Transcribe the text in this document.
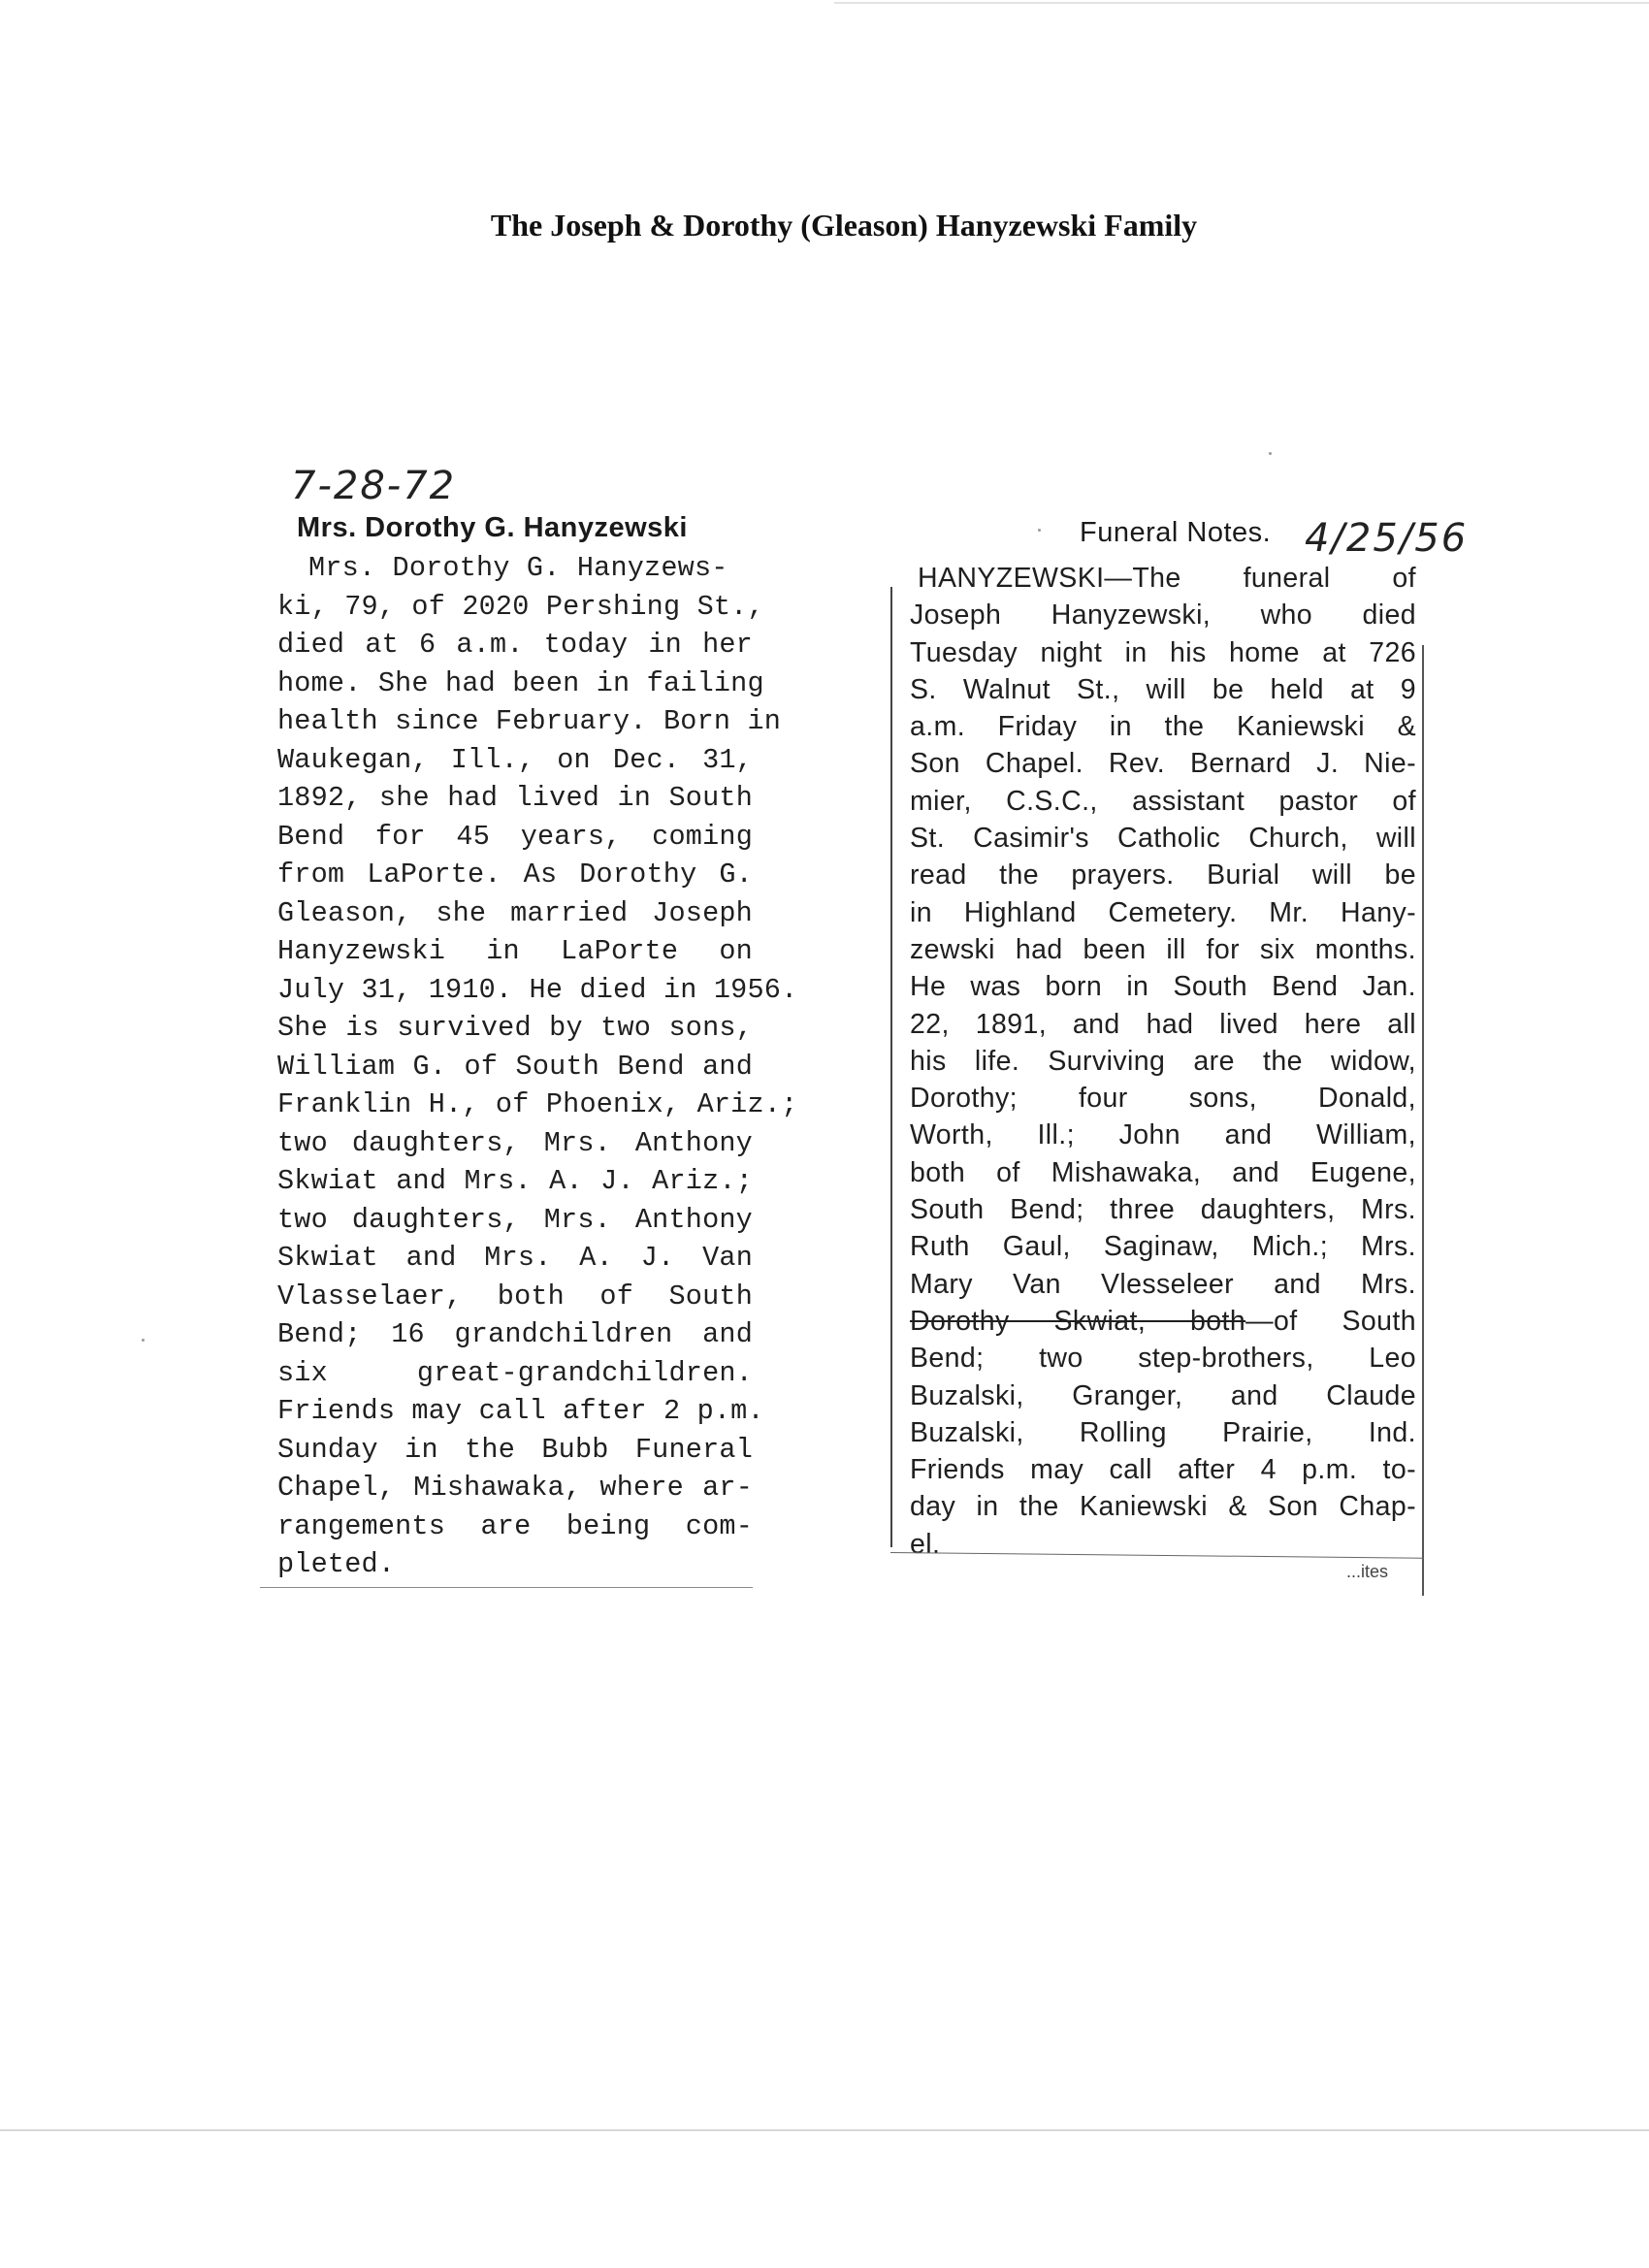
The Joseph & Dorothy (Gleason) Hanyzewski Family
7-28-72
4/25/56
Mrs. Dorothy G. Hanyzewski
Mrs. Dorothy G. Hanyzews-
ki, 79, of 2020 Pershing St.,
died at 6 a.m. today in her
home. She had been in failing
health since February. Born in
Waukegan, Ill., on Dec. 31,
1892, she had lived in South
Bend for 45 years, coming
from LaPorte. As Dorothy G.
Gleason, she married Joseph
Hanyzewski in LaPorte on
July 31, 1910. He died in 1956.
She is survived by two sons,
William G. of South Bend and
Franklin H., of Phoenix, Ariz.;
two daughters, Mrs. Anthony
Skwiat and Mrs. A. J. Ariz.;
two daughters, Mrs. Anthony
Skwiat and Mrs. A. J. Van
Vlasselaer, both of South
Bend; 16 grandchildren and
six great-grandchildren.
Friends may call after 2 p.m.
Sunday in the Bubb Funeral
Chapel, Mishawaka, where ar-
rangements are being com-
pleted.
Funeral Notes.
HANYZEWSKI—The funeral of
Joseph Hanyzewski, who died
Tuesday night in his home at 726
S. Walnut St., will be held at 9
a.m. Friday in the Kaniewski &
Son Chapel. Rev. Bernard J. Nie-
mier, C.S.C., assistant pastor of
St. Casimir's Catholic Church, will
read the prayers. Burial will be
in Highland Cemetery. Mr. Hany-
zewski had been ill for six months.
He was born in South Bend Jan.
22, 1891, and had lived here all
his life. Surviving are the widow,
Dorothy; four sons, Donald,
Worth, Ill.; John and William,
both of Mishawaka, and Eugene,
South Bend; three daughters, Mrs.
Ruth Gaul, Saginaw, Mich.; Mrs.
Mary Van Vlesseleer and Mrs.
Dorothy Skwiat, both—of South
Bend; two step-brothers, Leo
Buzalski, Granger, and Claude
Buzalski, Rolling Prairie, Ind.
Friends may call after 4 p.m. to-
day in the Kaniewski & Son Chap-
el.
...ites
